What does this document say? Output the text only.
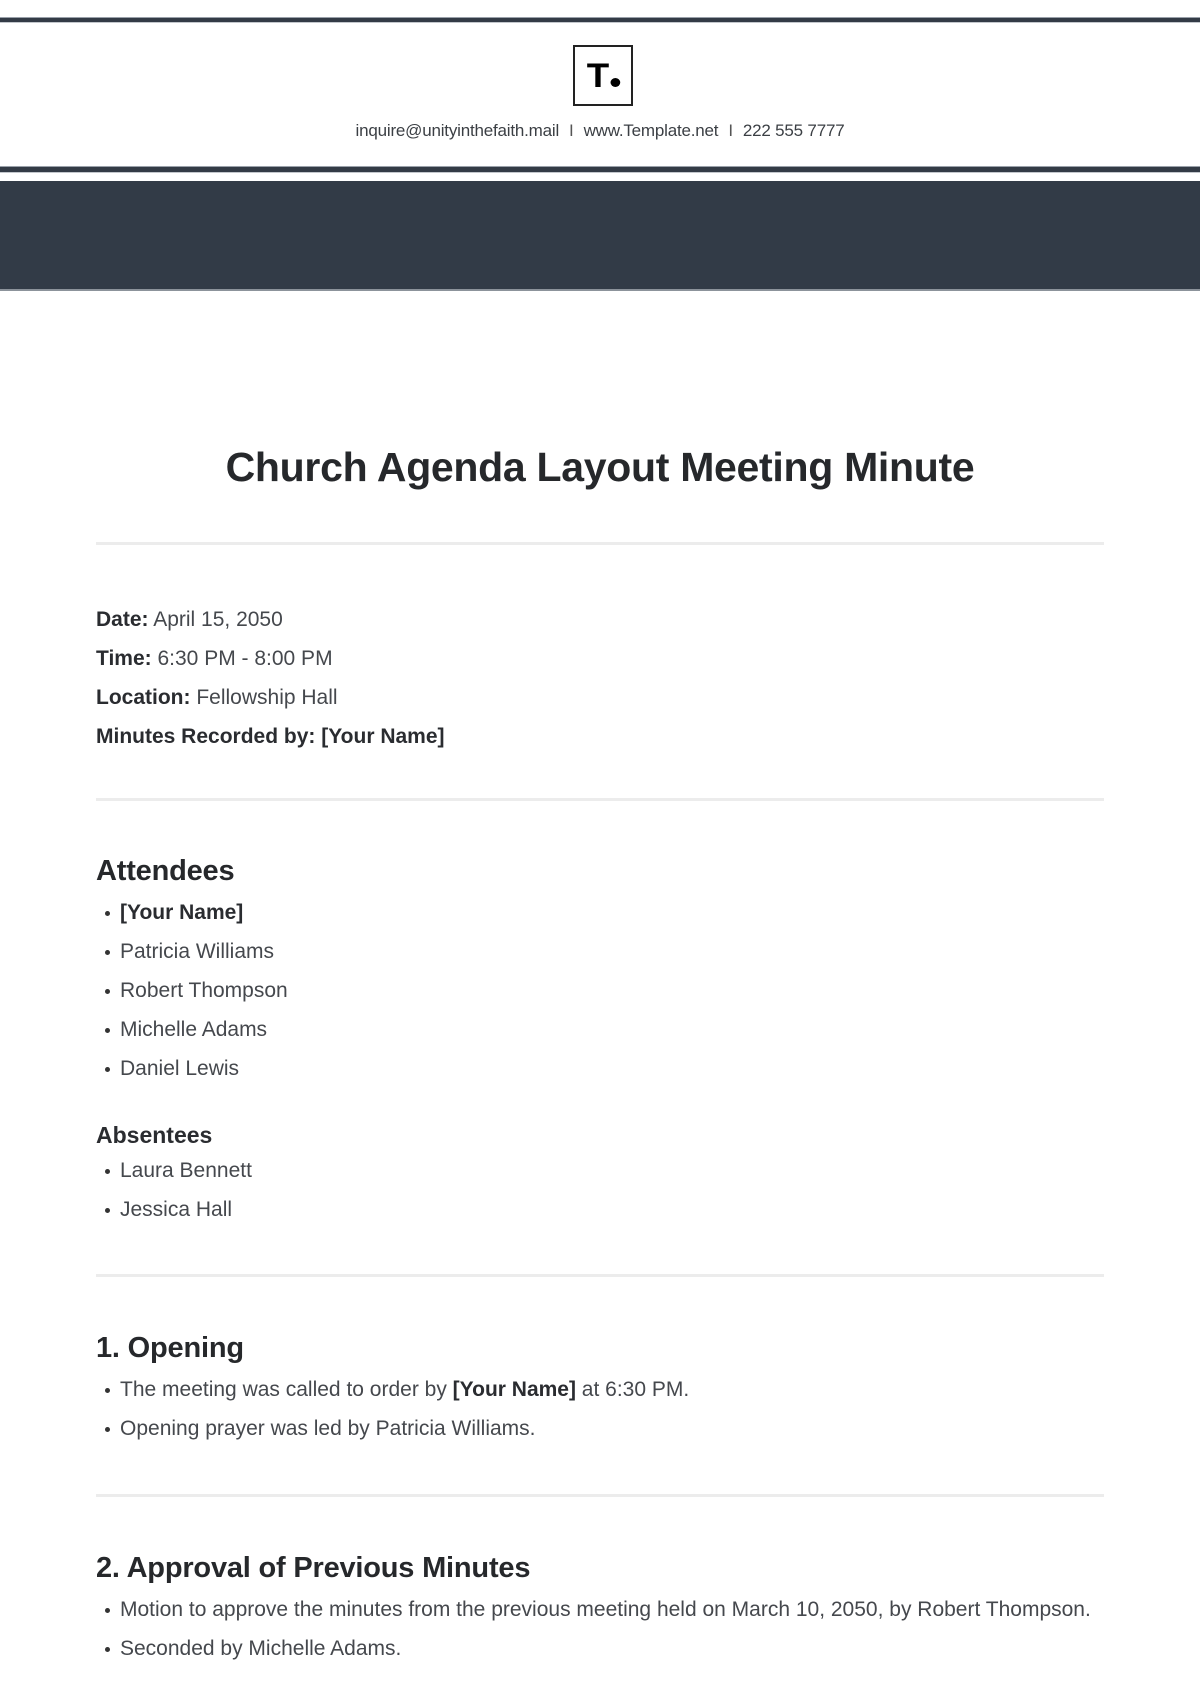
T
inquire@unityinthefaith.mail I www.Template.net I 222 555 7777
Church Agenda Layout Meeting Minute
Date: April 15, 2050
Time: 6:30 PM - 8:00 PM
Location: Fellowship Hall
Minutes Recorded by: [Your Name]
Attendees
[Your Name]
Patricia Williams
Robert Thompson
Michelle Adams
Daniel Lewis
Absentees
Laura Bennett
Jessica Hall
1. Opening
The meeting was called to order by [Your Name] at 6:30 PM.
Opening prayer was led by Patricia Williams.
2. Approval of Previous Minutes
Motion to approve the minutes from the previous meeting held on March 10, 2050, by Robert Thompson.
Seconded by Michelle Adams.
